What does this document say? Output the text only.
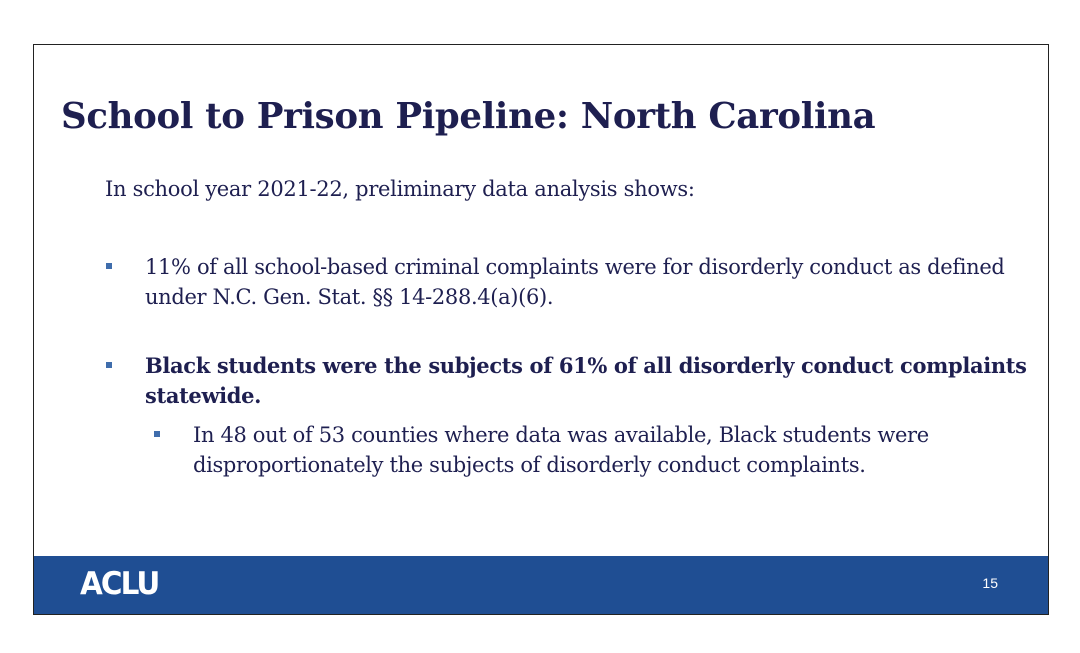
School to Prison Pipeline: North Carolina

In school year 2021-22, preliminary data analysis shows:

11% of all school-based criminal complaints were for disorderly conduct as defined under N.C. Gen. Stat. §§ 14-288.4(a)(6).
Black students were the subjects of 61% of all disorderly conduct complaints statewide.
In 48 out of 53 counties where data was available, Black students were disproportionately the subjects of disorderly conduct complaints.
ACLU	15
